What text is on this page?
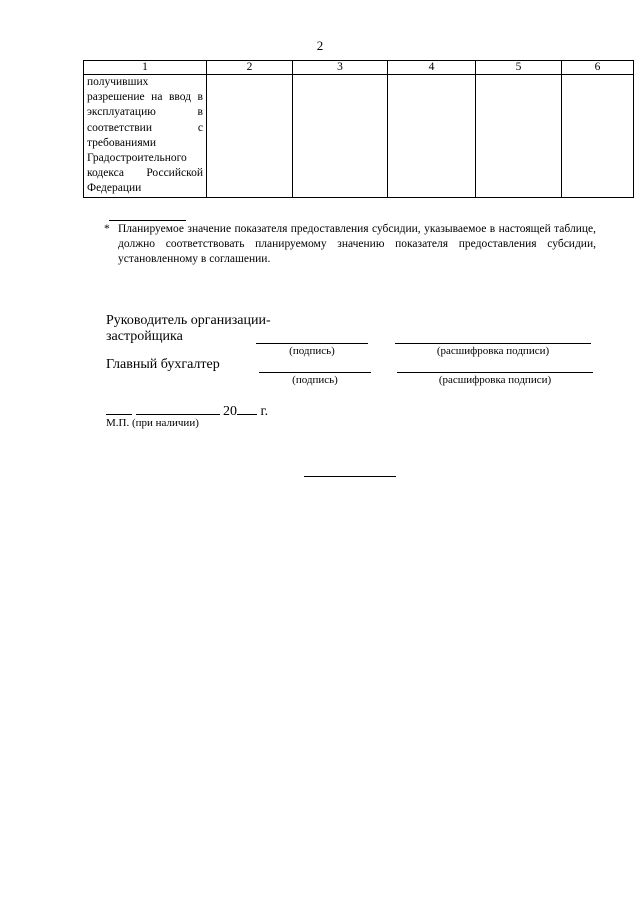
2
1	2	3	4	5	6

получивших разрешение на ввод в эксплуатацию в соответствии с требованиями Градостроительного кодекса Российской Федерации					

* Планируемое значение показателя предоставления субсидии, указываемое в настоящей таблице, должно соответствовать планируемому значению показателя предоставления субсидии, установленному в соглашении.
Руководитель организации-
застройщика
(подпись)	(расшифровка подписи)
Главный бухгалтер
(подпись)	(расшифровка подписи)
20 г.
М.П. (при наличии)
